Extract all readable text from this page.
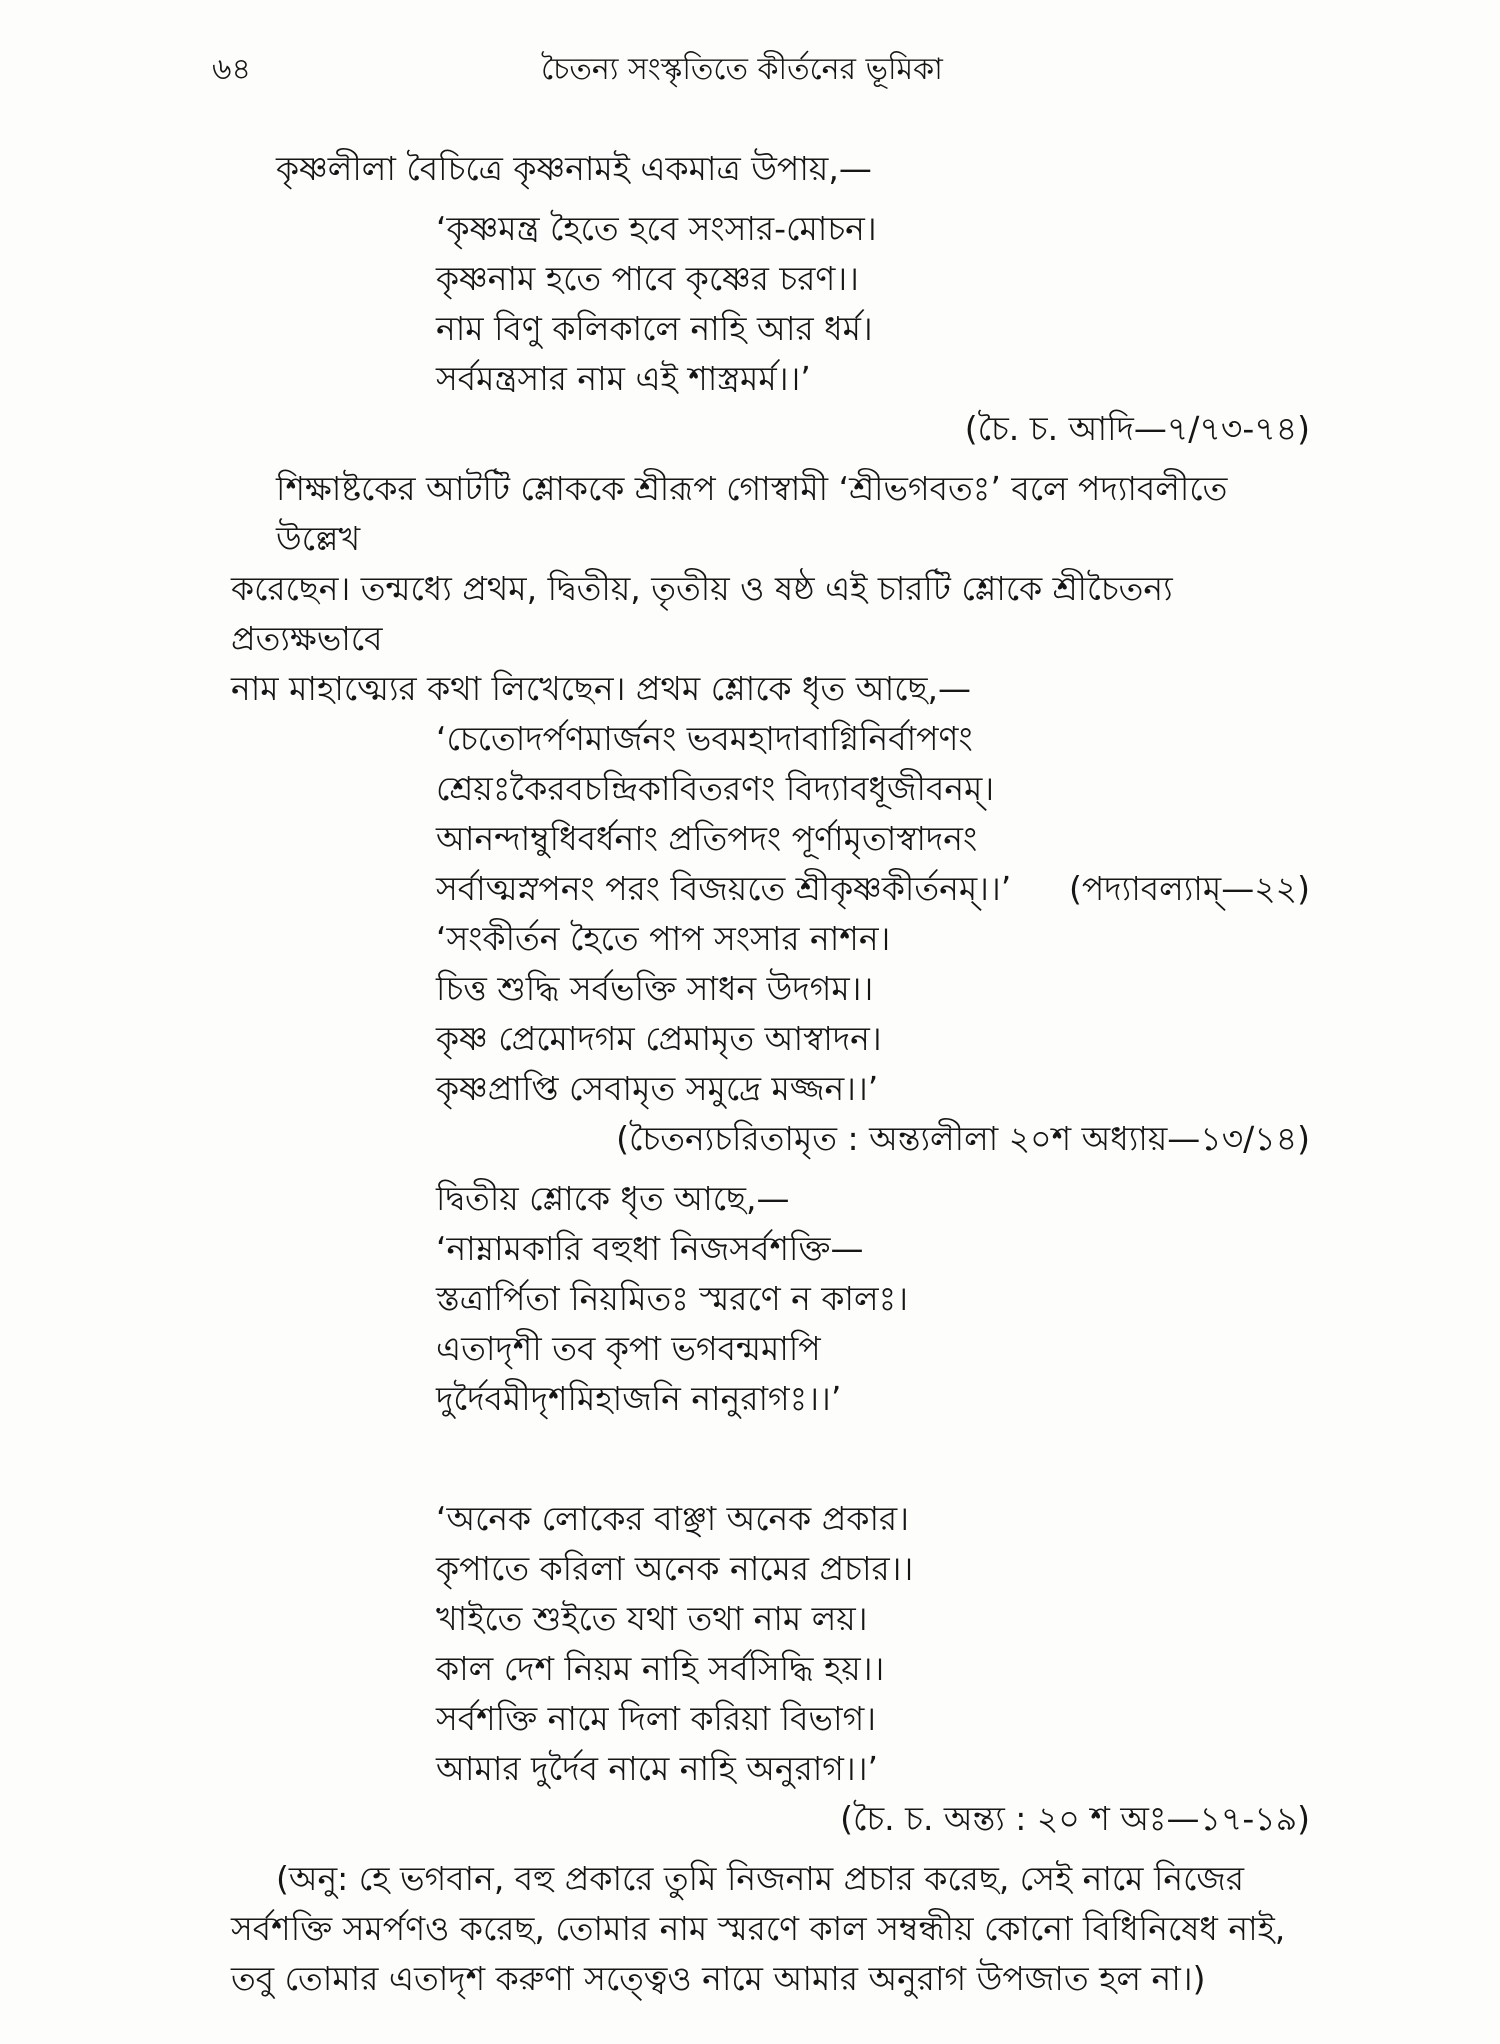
৬৪	চৈতন্য সংস্কৃতিতে কীর্তনের ভূমিকা
কৃষ্ণলীলা বৈচিত্রে কৃষ্ণনামই একমাত্র উপায়,—
‘কৃষ্ণমন্ত্র হৈতে হবে সংসার-মোচন।
কৃষ্ণনাম হতে পাবে কৃষ্ণের চরণ।।
নাম বিণু কলিকালে নাহি আর ধর্ম।
সর্বমন্ত্রসার নাম এই শাস্ত্রমর্ম।।’
(চৈ. চ. আদি—৭/৭৩-৭৪)
শিক্ষাষ্টকের আটটি শ্লোককে শ্রীরূপ গোস্বামী ‘শ্রীভগবতঃ’ বলে পদ্যাবলীতে উল্লেখ
করেছেন। তন্মধ্যে প্রথম, দ্বিতীয়, তৃতীয় ও ষষ্ঠ এই চারটি শ্লোকে শ্রীচৈতন্য প্রত্যক্ষভাবে
নাম মাহাত্ম্যের কথা লিখেছেন। প্রথম শ্লোকে ধৃত আছে,—
‘চেতোদর্পণমার্জনং ভবমহাদাবাগ্নিনির্বাপণং
শ্রেয়ঃকৈরবচন্দ্রিকাবিতরণং বিদ্যাবধূজীবনম্।
আনন্দাম্বুধিবর্ধনাং প্রতিপদং পূর্ণামৃতাস্বাদনং
সর্বাত্মস্নপনং পরং বিজয়তে শ্রীকৃষ্ণকীর্তনম্।।’ (পদ্যাবল্যাম্—২২)
‘সংকীর্তন হৈতে পাপ সংসার নাশন।
চিত্ত শুদ্ধি সর্বভক্তি সাধন উদগম।।
কৃষ্ণ প্রেমোদগম প্রেমামৃত আস্বাদন।
কৃষ্ণপ্রাপ্তি সেবামৃত সমুদ্রে মজ্জন।।’
(চৈতন্যচরিতামৃত : অন্ত্যলীলা ২০শ অধ্যায়—১৩/১৪)
দ্বিতীয় শ্লোকে ধৃত আছে,—
‘নাম্নামকারি বহুধা নিজসর্বশক্তি—
স্তত্রার্পিতা নিয়মিতঃ স্মরণে ন কালঃ।
এতাদৃশী তব কৃপা ভগবন্মমাপি
দুর্দৈবমীদৃশমিহাজনি নানুরাগঃ।।’
‘অনেক লোকের বাঞ্ছা অনেক প্রকার।
কৃপাতে করিলা অনেক নামের প্রচার।।
খাইতে শুইতে যথা তথা নাম লয়।
কাল দেশ নিয়ম নাহি সর্বসিদ্ধি হয়।।
সর্বশক্তি নামে দিলা করিয়া বিভাগ।
আমার দুর্দৈব নামে নাহি অনুরাগ।।’
(চৈ. চ. অন্ত্য : ২০ শ অঃ—১৭-১৯)
(অনু: হে ভগবান, বহু প্রকারে তুমি নিজনাম প্রচার করেছ, সেই নামে নিজের
সর্বশক্তি সমর্পণও করেছ, তোমার নাম স্মরণে কাল সম্বন্ধীয় কোনো বিধিনিষেধ নাই,
তবু তোমার এতাদৃশ করুণা সত্ত্বেও নামে আমার অনুরাগ উপজাত হল না।)
